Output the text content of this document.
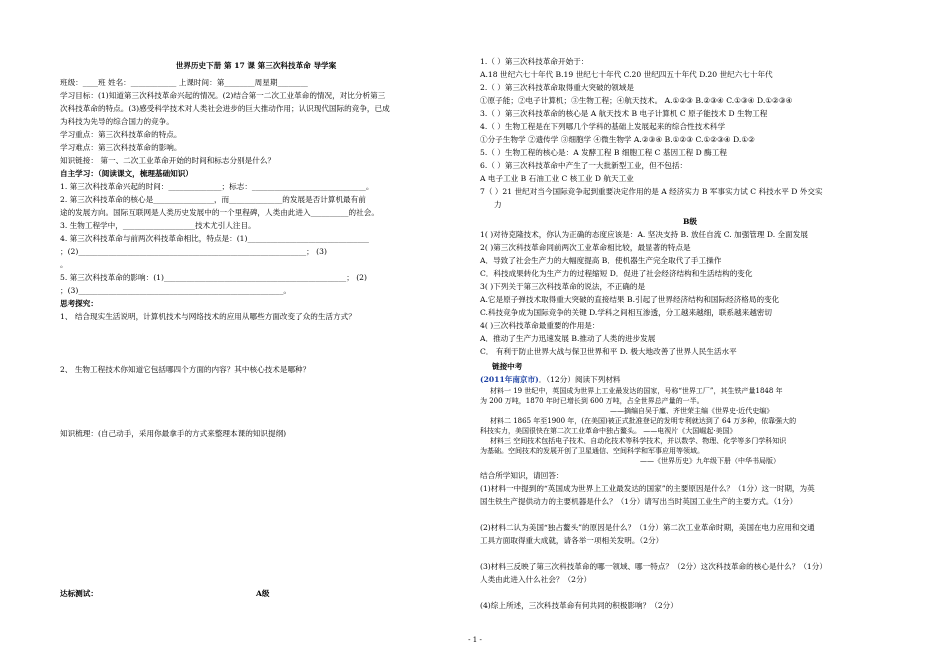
世界历史下册 第 17 课 第三次科技革命 导学案
班级：____班 姓名：____________ 上课时间：第________周星期________
学习目标：(1)知道第三次科技革命兴起的情况。(2)结合第一二次工业革命的情况，对比分析第三
次科技革命的特点。(3)感受科学技术对人类社会进步的巨大推动作用；认识现代国际的竞争，已成
为科技为先导的综合国力的竞争。
学习重点：第三次科技革命的特点。
学习难点：第三次科技革命的影响。
知识链接： 第一、二次工业革命开始的时间和标志分别是什么？
自主学习：（阅读课文，梳理基础知识）
1. 第三次科技革命兴起的时间：______________；标志：______________________________。
2. 第三次科技革命的核心是________________，而______________的发展是否计算机最有前
途的发展方向。国际互联网是人类历史发展中的一个里程碑，人类由此进入__________的社会。
3. 生物工程学中，___________________技术尤引人注目。
4. 第三次科技革命与前两次科技革命相比，特点是：(1)________________________________
；(2)____________________________________________________________； (3)
。
5. 第三次科技革命的影响：(1)________________________________________________； (2)
；(3)______________________________________________________。
思考探究：
1、 结合现实生活说明，计算机技术与网络技术的应用从哪些方面改变了众的生活方式？
2、 生物工程技术你知道它包括哪四个方面的内容？其中核心技术是哪种？
知识梳理：(自己动手，采用你最拿手的方式来整理本课的知识提纲)
达标测试：	A级
1.（ ）第三次科技革命开始于：
A.18 世纪六七十年代 B.19 世纪七十年代 C.20 世纪四五十年代 D.20 世纪六七十年代
2.（ ）第三次科技革命取得重大突破的领域是
①原子能；②电子计算机；③生物工程；④航天技术。 A.①②③ B.②③④ C.①③④ D.①②③④
3.（ ）第三次科技革命的核心是 A 航天技术 B 电子计算机 C 原子能技术 D 生物工程
4.（ ）生物工程是在下列哪几个学科的基础上发展起来的综合性技术科学
①分子生物学 ②遗传学 ③细胞学 ④微生物学 A.②③④ B.①②③ C.①②③④ D.①②
5.（ ）生物工程的核心是：A 发酵工程 B 细胞工程 C 基因工程 D 酶工程
6.（ ）第三次科技革命中产生了一大批新型工业，但不包括：
A 电子工业 B 石油工业 C 核工业 D 航天工业
7（ ）21 世纪对当今国际竞争起到重要决定作用的是 A 经济实力 B 军事实力试 C 科技水平 D 外交实
力
B级
1( )对待克隆技术，你认为正确的态度应该是：A. 坚决支持 B. 放任自流 C. 加强管理 D. 全面发展
2( )第三次科技革命同前两次工业革命相比较，最显著的特点是
A．导致了社会生产力的大幅度提高 B．使机器生产完全取代了手工操作
C．科技成果转化为生产力的过程缩短 D．促进了社会经济结构和生活结构的变化
3( )下列关于第三次科技革命的说法，不正确的是
A.它是原子弹技术取得重大突破的直接结果 B.引起了世界经济结构和国际经济格局的变化
C.科技竞争成为国际竞争的关键 D.学科之间相互渗透，分工越来越细，联系越来越密切
4( )三次科技革命最重要的作用是：
A．推动了生产力迅速发展 B.推动了人类的进步发展
C． 有利于防止世界大战与保卫世界和平 D. 极大地改善了世界人民生活水平
链接中考
(2011年南京市)．（12分）阅读下列材料
材料一 19 世纪中，英国成为世界上工业最发达的国家，号称“世界工厂”，其生铁产量1848 年
为 200 万吨，1870 年时已增长到 600 万吨，占全世界总产量的一半。
——摘编自吴于廑、齐世荣主编《世界史·近代史编》
材料二 1865 年至1900 年，(在美国)被正式批准登记的发明专利就达到了 64 万多种，依靠强大的
科技实力，美国很快在第二次工业革命中独占鳌头。 ——电视片《大国崛起·美国》
材料三 空间技术包括电子技术、自动化技术等科学技术，并以数学、物理、化学等多门学科知识
为基础。空间技术的发展开创了卫星通信、空间科学和军事应用等领域。
——《世界历史》九年级下册（中华书局版）
结合所学知识，请回答：
(1)材料一中提到的“英国成为世界上工业最发达的国家”的主要原因是什么？（1分）这一时期，为英
国生铁生产提供动力的主要机器是什么？（1分）请写出当时英国工业生产的主要方式。（1分）
(2)材料二认为美国“独占鳌头”的原因是什么？（1分）第二次工业革命时期，美国在电力应用和交通
工具方面取得重大成就，请各举一项相关发明。（2分）
(3)材料三反映了第三次科技革命的哪一领域、哪一特点？（2分）这次科技革命的核心是什么？（1分）
人类由此进入什么社会？（2分）
(4)综上所述，三次科技革命有何共同的积极影响？（2分）
- 1 -
